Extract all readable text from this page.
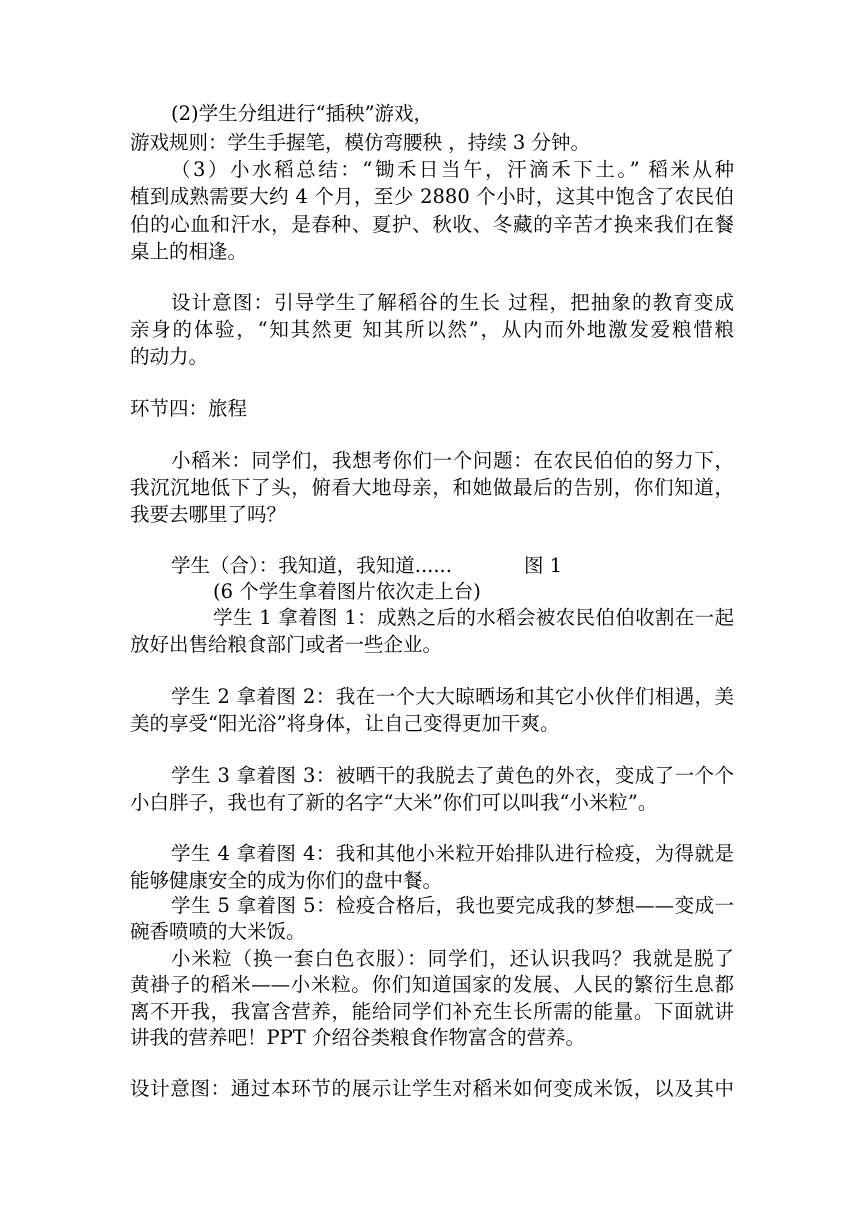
(2)学生分组进行“插秧”游戏，
游戏规则：学生手握笔，模仿弯腰秧 ，持续 3 分钟。
（3）小水稻总结：“锄禾日当午，汗滴禾下土。” 稻米从种
植到成熟需要大约 4 个月，至少 2880 个小时，这其中饱含了农民伯
伯的心血和汗水，是春种、夏护、秋收、冬藏的辛苦才换来我们在餐
桌上的相逢。
设计意图：引导学生了解稻谷的生长 过程，把抽象的教育变成
亲身的体验，“知其然更 知其所以然”，从内而外地激发爱粮惜粮
的动力。
环节四：旅程
小稻米：同学们，我想考你们一个问题：在农民伯伯的努力下，
我沉沉地低下了头，俯看大地母亲，和她做最后的告别，你们知道，
我要去哪里了吗？
学生（合）：我知道，我知道......	图 1
(6 个学生拿着图片依次走上台)
学生 1 拿着图 1：成熟之后的水稻会被农民伯伯收割在一起
放好出售给粮食部门或者一些企业。
学生 2 拿着图 2：我在一个大大晾晒场和其它小伙伴们相遇，美
美的享受“阳光浴”将身体，让自己变得更加干爽。
学生 3 拿着图 3：被晒干的我脱去了黄色的外衣，变成了一个个
小白胖子，我也有了新的名字“大米”你们可以叫我“小米粒”。
学生 4 拿着图 4：我和其他小米粒开始排队进行检疫，为得就是
能够健康安全的成为你们的盘中餐。
学生 5 拿着图 5：检疫合格后，我也要完成我的梦想——变成一
碗香喷喷的大米饭。
小米粒（换一套白色衣服）：同学们，还认识我吗？我就是脱了
黄褂子的稻米——小米粒。你们知道国家的发展、人民的繁衍生息都
离不开我，我富含营养，能给同学们补充生长所需的能量。下面就讲
讲我的营养吧！PPT 介绍谷类粮食作物富含的营养。
设计意图：通过本环节的展示让学生对稻米如何变成米饭，以及其中
